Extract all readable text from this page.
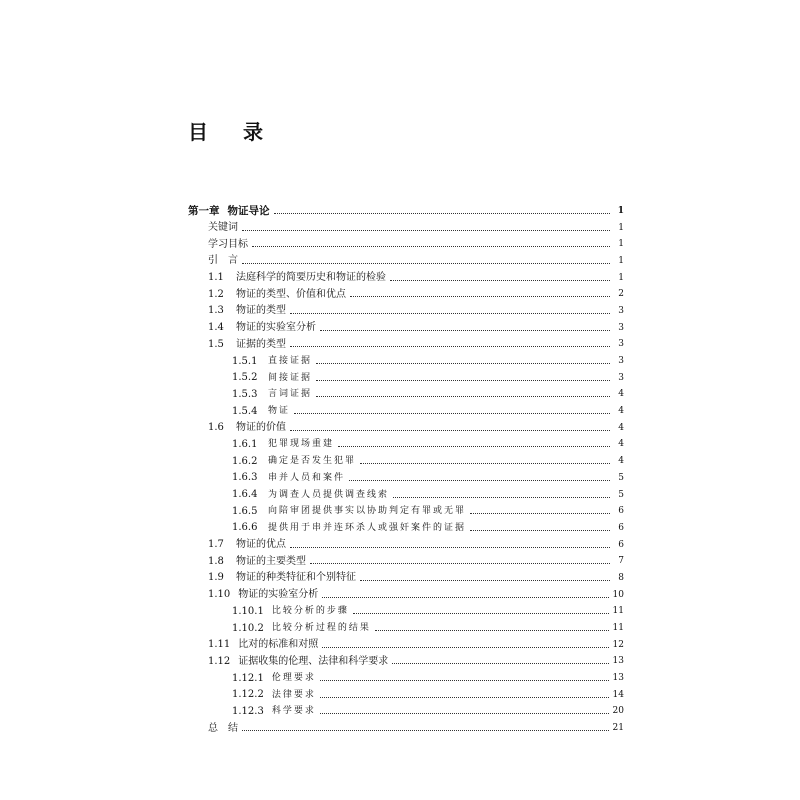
目 录
第一章 物证导论	1
关键词	1
学习目标	1
引　言	1
1.1	法庭科学的简要历史和物证的检验	1
1.2	物证的类型、价值和优点	2
1.3	物证的类型	3
1.4	物证的实验室分析	3
1.5	证据的类型	3
1.5.1 直接证据	3
1.5.2 间接证据	3
1.5.3 言词证据	4
1.5.4 物证	4
1.6	物证的价值	4
1.6.1 犯罪现场重建	4
1.6.2 确定是否发生犯罪	4
1.6.3 串并人员和案件	5
1.6.4 为调查人员提供调查线索	5
1.6.5 向陪审团提供事实以协助判定有罪或无罪	6
1.6.6 提供用于串并连环杀人或强奸案件的证据	6
1.7	物证的优点	6
1.8	物证的主要类型	7
1.9	物证的种类特征和个别特征	8
1.10 物证的实验室分析	10
1.10.1 比较分析的步骤	11
1.10.2 比较分析过程的结果	11
1.11 比对的标准和对照	12
1.12 证据收集的伦理、法律和科学要求	13
1.12.1 伦理要求	13
1.12.2 法律要求	14
1.12.3 科学要求	20
总　结	21
